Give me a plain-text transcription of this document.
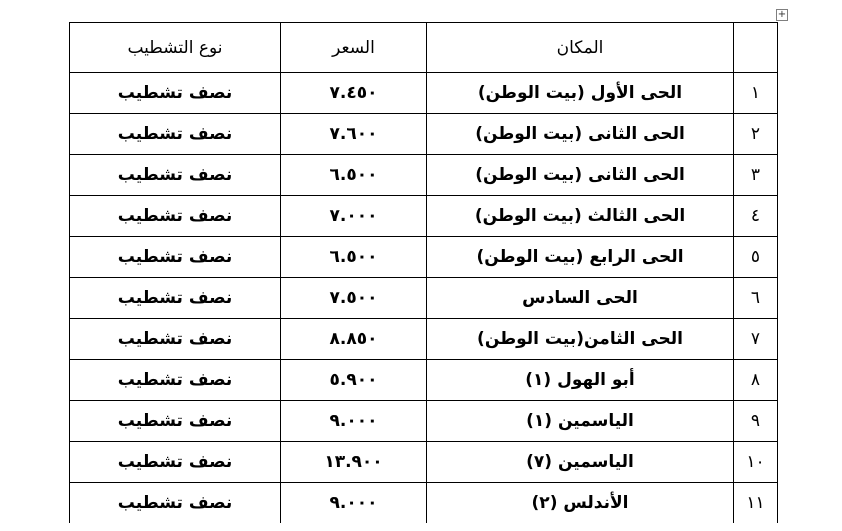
+
	المكان	السعر	نوع التشطيب
١	الحى الأول (بيت الوطن)	٧.٤٥٠	نصف تشطيب
٢	الحى الثانى (بيت الوطن)	٧.٦٠٠	نصف تشطيب
٣	الحى الثانى (بيت الوطن)	٦.٥٠٠	نصف تشطيب
٤	الحى الثالث (بيت الوطن)	٧.٠٠٠	نصف تشطيب
٥	الحى الرابع (بيت الوطن)	٦.٥٠٠	نصف تشطيب
٦	الحى السادس	٧.٥٠٠	نصف تشطيب
٧	الحى الثامن(بيت الوطن)	٨.٨٥٠	نصف تشطيب
٨	أبو الهول (١)	٥.٩٠٠	نصف تشطيب
٩	الياسمين (١)	٩.٠٠٠	نصف تشطيب
١٠	الياسمين (٧)	١٣.٩٠٠	نصف تشطيب
١١	الأندلس (٢)	٩.٠٠٠	نصف تشطيب
